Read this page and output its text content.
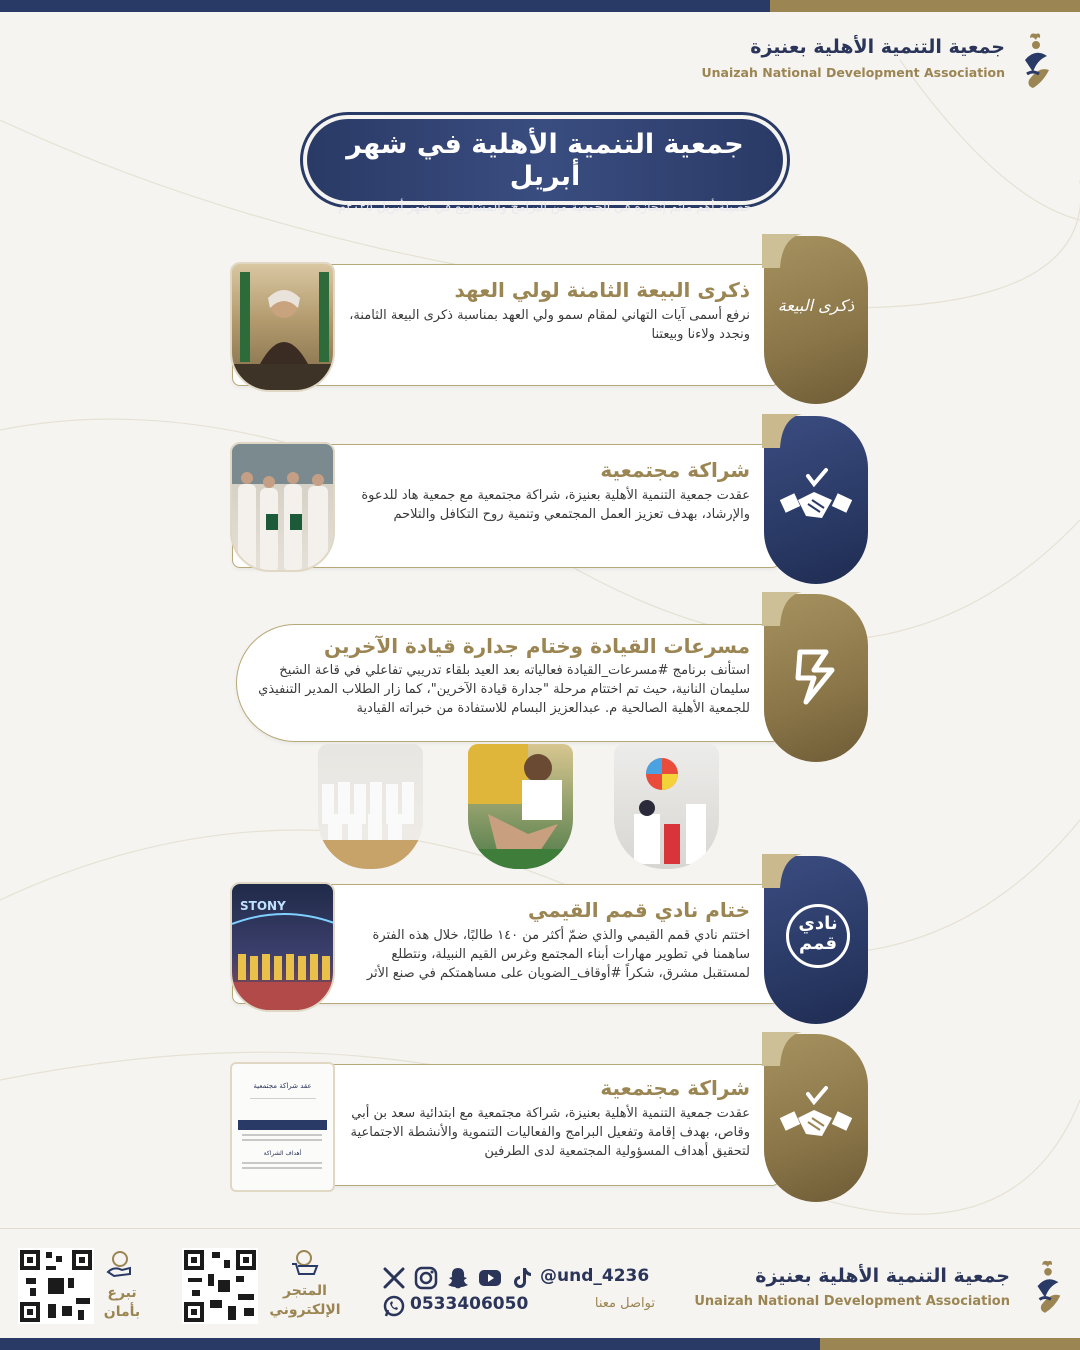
جمعية التنمية الأهلية بعنيزة
Unaizah National Development Association
جمعية التنمية الأهلية في شهر أبريل
حصيلة أهم ماتم إنجازه في الجمعية من البرامج والمشاريع في شهر أبريل ٢٠٢٥م
ذكرى البيعة الثامنة لولي العهد
نرفع أسمى آيات التهاني لمقام سمو ولي العهد بمناسبة ذكرى البيعة الثامنة، ونجدد ولاءنا وبيعتنا
ذكرى البيعة
شراكة مجتمعية
عقدت جمعية التنمية الأهلية بعنيزة، شراكة مجتمعية مع جمعية هاد للدعوة والإرشاد، بهدف تعزيز العمل المجتمعي وتنمية روح التكافل والتلاحم
مسرعات القيادة وختام جدارة قيادة الآخرين
استأنف برنامج #مسرعات_القيادة فعالياته بعد العيد بلقاء تدريبي تفاعلي في قاعة الشيخ سليمان النانية، حيث تم اختتام مرحلة "جدارة قيادة الآخرين"، كما زار الطلاب المدير التنفيذي للجمعية الأهلية الصالحية م. عبدالعزيز البسام للاستفادة من خبراته القيادية
STONY	ختام نادي قمم القيمي
اختتم نادي قمم القيمي والذي ضمّ أكثر من ١٤٠ طالبًا، خلال هذه الفترة ساهمنا في تطوير مهارات أبناء المجتمع وغرس القيم النبيلة، ونتطلع لمستقبل مشرق، شكراً #أوقاف_الضويان على مساهمتكم في صنع الأثر
نادي
قمم
عقد شراكة مجتمعية
أهداف الشراكة
شراكة مجتمعية
عقدت جمعية التنمية الأهلية بعنيزة، شراكة مجتمعية مع ابتدائية سعد بن أبي وقاص، بهدف إقامة وتفعيل البرامج والفعاليات التنموية والأنشطة الاجتماعية لتحقيق أهداف المسؤولية المجتمعية لدى الطرفين
تبرع
بأمان
المتجر
الإلكتروني
@und_4236
0533406050	تواصل معنا
جمعية التنمية الأهلية بعنيزة
Unaizah National Development Association
